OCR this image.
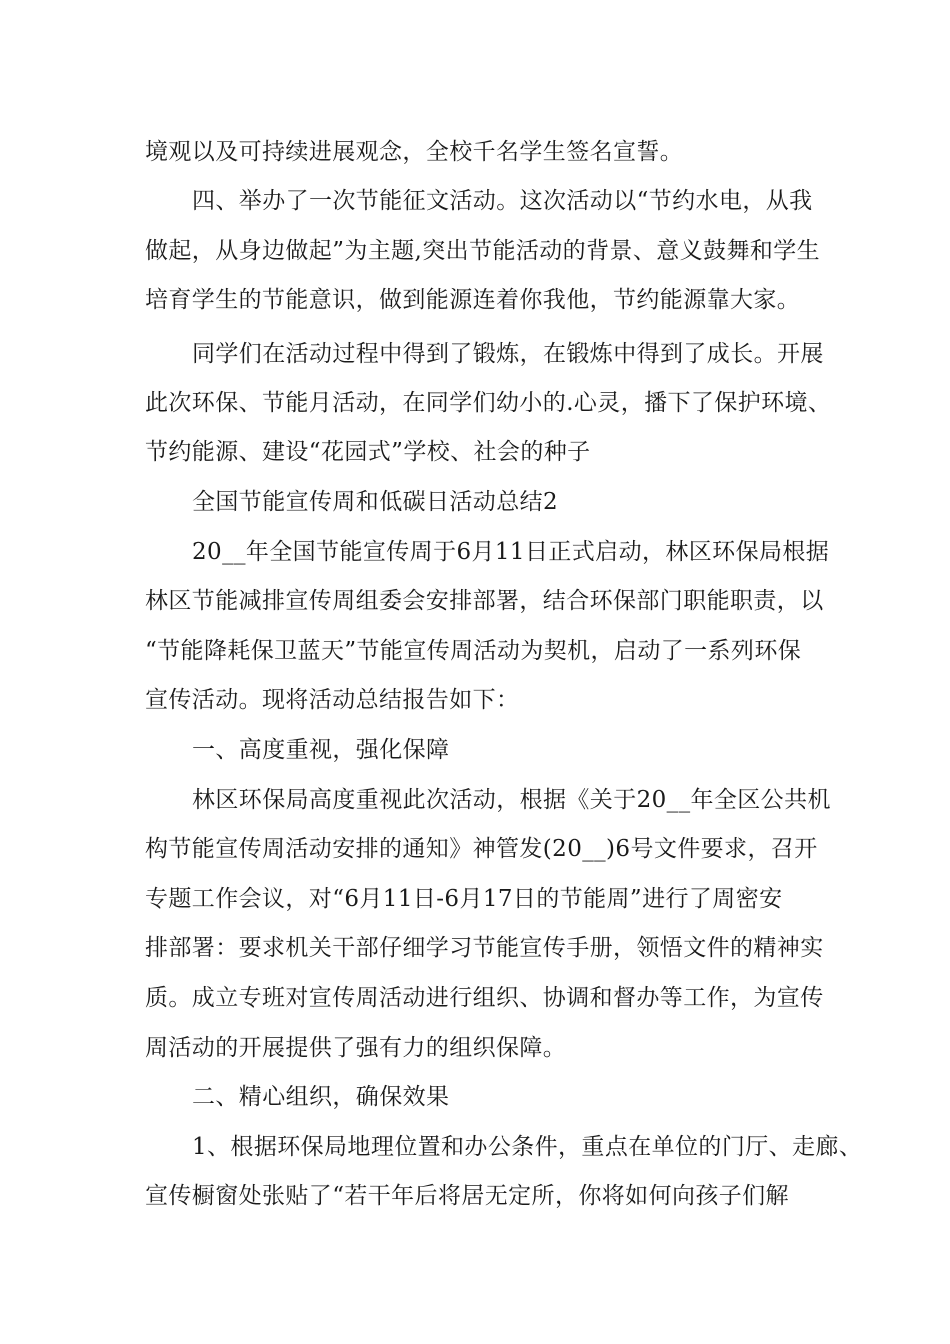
境观以及可持续进展观念，全校千名学生签名宣誓。
四、举办了一次节能征文活动。这次活动以“节约水电，从我
做起，从身边做起”为主题,突出节能活动的背景、意义鼓舞和学生
培育学生的节能意识，做到能源连着你我他，节约能源靠大家。
同学们在活动过程中得到了锻炼，在锻炼中得到了成长。开展
此次环保、节能月活动，在同学们幼小的.心灵，播下了保护环境、
节约能源、建设“花园式”学校、社会的种子
全国节能宣传周和低碳日活动总结2
20__年全国节能宣传周于6月11日正式启动，林区环保局根据
林区节能减排宣传周组委会安排部署，结合环保部门职能职责，以
“节能降耗保卫蓝天”节能宣传周活动为契机，启动了一系列环保
宣传活动。现将活动总结报告如下：
一、高度重视，强化保障
林区环保局高度重视此次活动，根据《关于20__年全区公共机
构节能宣传周活动安排的通知》神管发(20__)6号文件要求，召开
专题工作会议，对“6月11日-6月17日的节能周”进行了周密安
排部署：要求机关干部仔细学习节能宣传手册，领悟文件的精神实
质。成立专班对宣传周活动进行组织、协调和督办等工作，为宣传
周活动的开展提供了强有力的组织保障。
二、精心组织，确保效果
1、根据环保局地理位置和办公条件，重点在单位的门厅、走廊、
宣传橱窗处张贴了“若干年后将居无定所，你将如何向孩子们解
